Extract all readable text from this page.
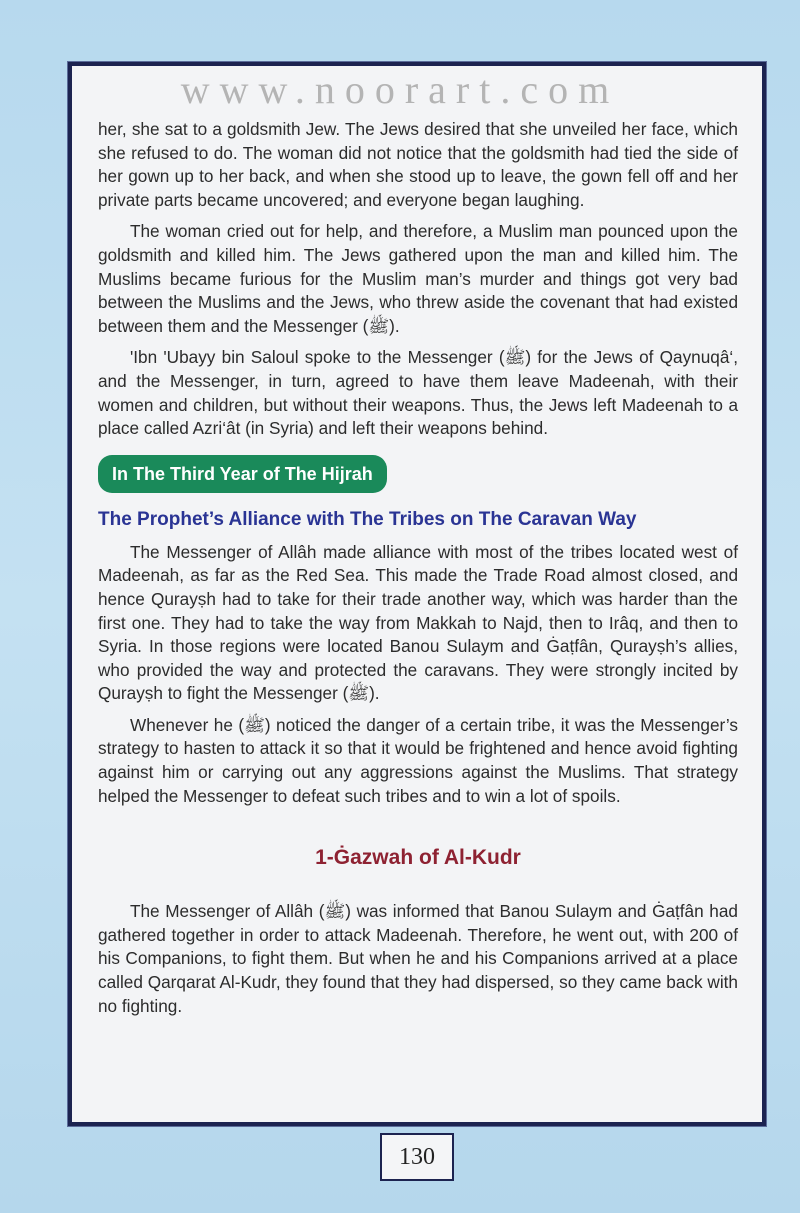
her, she sat to a goldsmith Jew. The Jews desired that she unveiled her face, which she refused to do. The woman did not notice that the goldsmith had tied the side of her gown up to her back, and when she stood up to leave, the gown fell off and her private parts became uncovered; and everyone began laughing.

The woman cried out for help, and therefore, a Muslim man pounced upon the goldsmith and killed him. The Jews gathered upon the man and killed him. The Muslims became furious for the Muslim man’s murder and things got very bad between the Muslims and the Jews, who threw aside the covenant that had existed between them and the Messenger (ﷺ).

'Ibn 'Ubayy bin Saloul spoke to the Messenger (ﷺ) for the Jews of Qaynuqâ‘, and the Messenger, in turn, agreed to have them leave Madeenah, with their women and children, but without their weapons. Thus, the Jews left Madeenah to a place called Azri‘ât (in Syria) and left their weapons behind.

In The Third Year of The Hijrah
The Prophet’s Alliance with The Tribes on The Caravan Way

The Messenger of Allâh made alliance with most of the tribes located west of Madeenah, as far as the Red Sea. This made the Trade Road almost closed, and hence Qurayṣh had to take for their trade another way, which was harder than the first one. They had to take the way from Makkah to Najd, then to Irâq, and then to Syria. In those regions were located Banou Sulaym and Ġaṭfân, Qurayṣh’s allies, who provided the way and protected the caravans. They were strongly incited by Qurayṣh to fight the Messenger (ﷺ).

Whenever he (ﷺ) noticed the danger of a certain tribe, it was the Messenger’s strategy to hasten to attack it so that it would be frightened and hence avoid fighting against him or carrying out any aggressions against the Muslims. That strategy helped the Messenger to defeat such tribes and to win a lot of spoils.

1-Ġazwah of Al-Kudr

The Messenger of Allâh (ﷺ) was informed that Banou Sulaym and Ġaṭfân had gathered together in order to attack Madeenah. Therefore, he went out, with 200 of his Companions, to fight them. But when he and his Companions arrived at a place called Qarqarat Al-Kudr, they found that they had dispersed, so they came back with no fighting.

www.noorart.com
130
